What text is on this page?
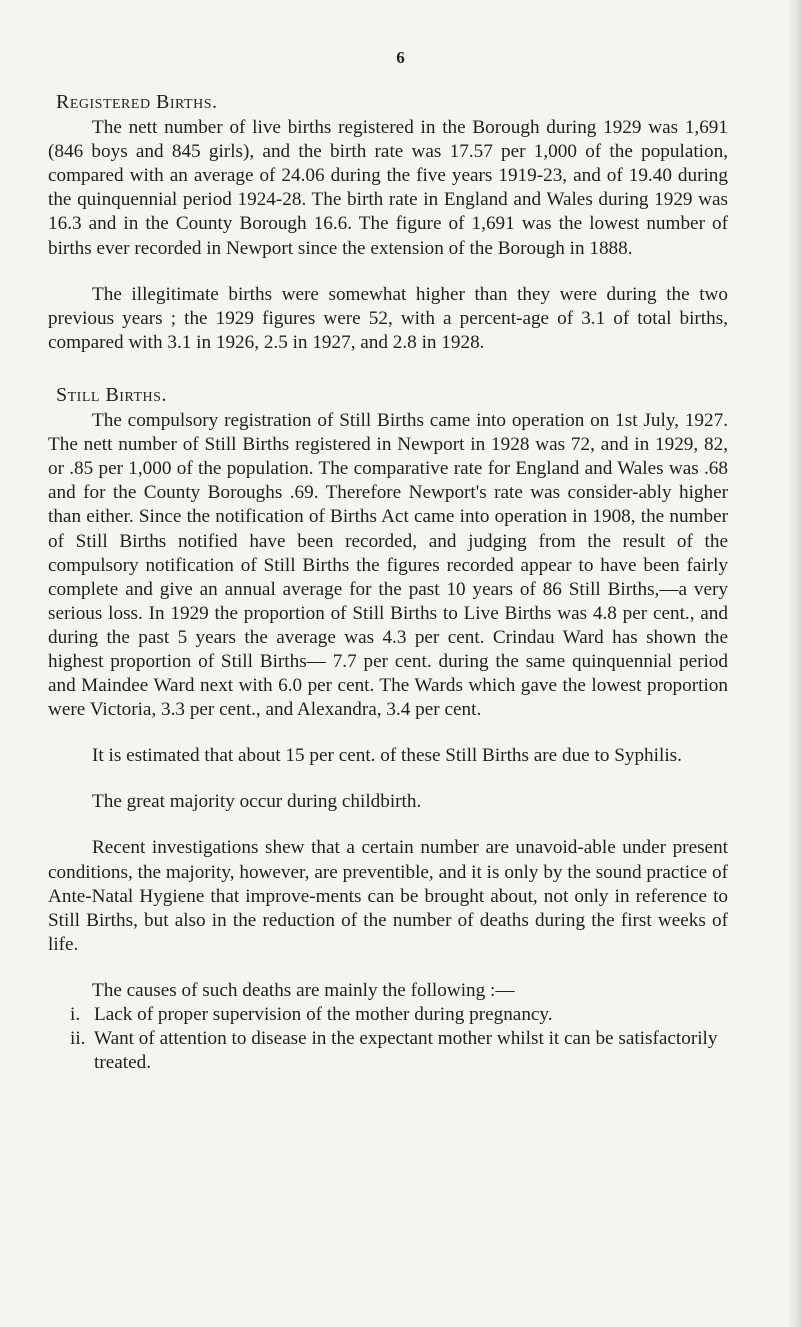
6
Registered Births.

The nett number of live births registered in the Borough during 1929 was 1,691 (846 boys and 845 girls), and the birth rate was 17.57 per 1,000 of the population, compared with an average of 24.06 during the five years 1919-23, and of 19.40 during the quinquennial period 1924-28. The birth rate in England and Wales during 1929 was 16.3 and in the County Borough 16.6. The figure of 1,691 was the lowest number of births ever recorded in Newport since the extension of the Borough in 1888.

The illegitimate births were somewhat higher than they were during the two previous years ; the 1929 figures were 52, with a percent-age of 3.1 of total births, compared with 3.1 in 1926, 2.5 in 1927, and 2.8 in 1928.

Still Births.

The compulsory registration of Still Births came into operation on 1st July, 1927. The nett number of Still Births registered in Newport in 1928 was 72, and in 1929, 82, or .85 per 1,000 of the population. The comparative rate for England and Wales was .68 and for the County Boroughs .69. Therefore Newport's rate was consider-ably higher than either. Since the notification of Births Act came into operation in 1908, the number of Still Births notified have been recorded, and judging from the result of the compulsory notification of Still Births the figures recorded appear to have been fairly complete and give an annual average for the past 10 years of 86 Still Births,—a very serious loss. In 1929 the proportion of Still Births to Live Births was 4.8 per cent., and during the past 5 years the average was 4.3 per cent. Crindau Ward has shown the highest proportion of Still Births— 7.7 per cent. during the same quinquennial period and Maindee Ward next with 6.0 per cent. The Wards which gave the lowest proportion were Victoria, 3.3 per cent., and Alexandra, 3.4 per cent.

It is estimated that about 15 per cent. of these Still Births are due to Syphilis.

The great majority occur during childbirth.

Recent investigations shew that a certain number are unavoid-able under present conditions, the majority, however, are preventible, and it is only by the sound practice of Ante-Natal Hygiene that improve-ments can be brought about, not only in reference to Still Births, but also in the reduction of the number of deaths during the first weeks of life.

The causes of such deaths are mainly the following :—

i. Lack of proper supervision of the mother during pregnancy.
ii. Want of attention to disease in the expectant mother whilst it can be satisfactorily treated.
